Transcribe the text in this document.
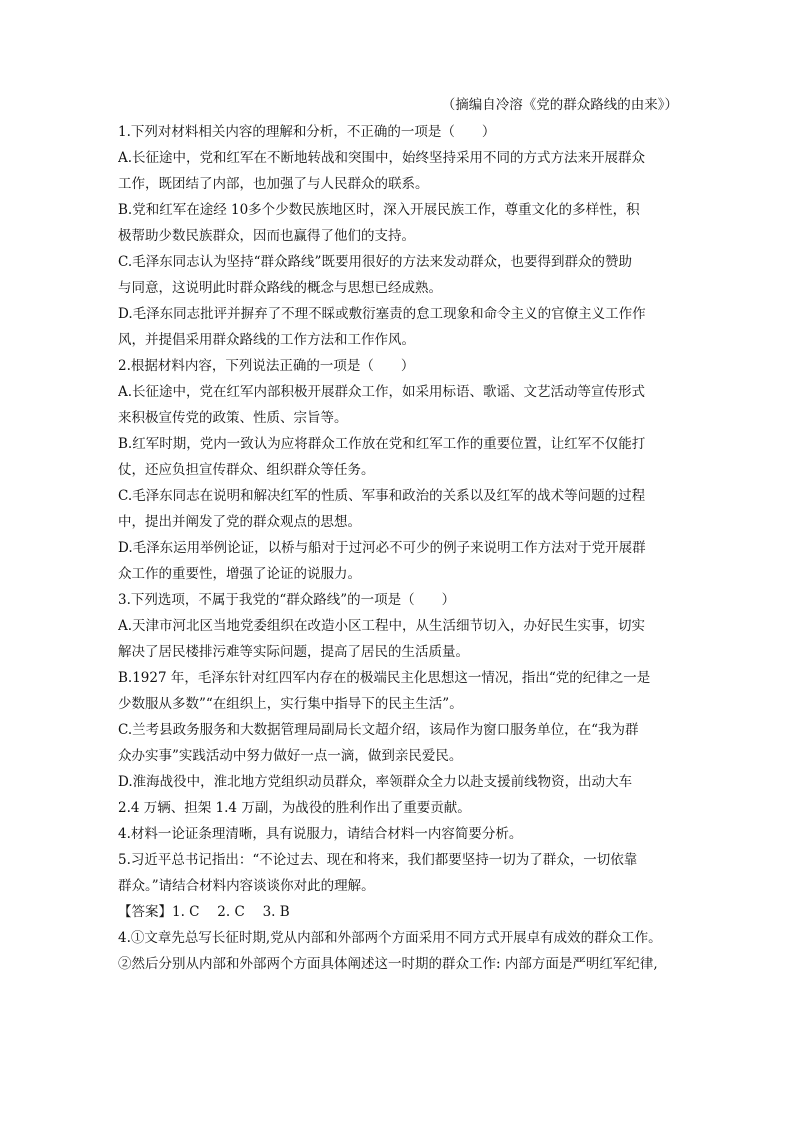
（摘编自冷溶《党的群众路线的由来》）
1.下列对材料相关内容的理解和分析，不正确的一项是（　　）
A.长征途中，党和红军在不断地转战和突围中，始终坚持采用不同的方式方法来开展群众
工作，既团结了内部，也加强了与人民群众的联系。
B.党和红军在途经 10多个少数民族地区时，深入开展民族工作，尊重文化的多样性，积
极帮助少数民族群众，因而也赢得了他们的支持。
C.毛泽东同志认为坚持“群众路线”既要用很好的方法来发动群众，也要得到群众的赞助
与同意，这说明此时群众路线的概念与思想已经成熟。
D.毛泽东同志批评并摒弃了不理不睬或敷衍塞责的怠工现象和命令主义的官僚主义工作作
风，并提倡采用群众路线的工作方法和工作作风。
2.根据材料内容，下列说法正确的一项是（　　）
A.长征途中，党在红军内部积极开展群众工作，如采用标语、歌谣、文艺活动等宣传形式
来积极宣传党的政策、性质、宗旨等。
B.红军时期，党内一致认为应将群众工作放在党和红军工作的重要位置，让红军不仅能打
仗，还应负担宣传群众、组织群众等任务。
C.毛泽东同志在说明和解决红军的性质、军事和政治的关系以及红军的战术等问题的过程
中，提出并阐发了党的群众观点的思想。
D.毛泽东运用举例论证，以桥与船对于过河必不可少的例子来说明工作方法对于党开展群
众工作的重要性，增强了论证的说服力。
3.下列选项，不属于我党的“群众路线”的一项是（　　）
A.天津市河北区当地党委组织在改造小区工程中，从生活细节切入，办好民生实事，切实
解决了居民楼排污难等实际问题，提高了居民的生活质量。
B.1927 年，毛泽东针对红四军内存在的极端民主化思想这一情况，指出“党的纪律之一是
少数服从多数”“在组织上，实行集中指导下的民主生活”。
C.兰考县政务服务和大数据管理局副局长文超介绍，该局作为窗口服务单位，在“我为群
众办实事”实践活动中努力做好一点一滴，做到亲民爱民。
D.淮海战役中，淮北地方党组织动员群众，率领群众全力以赴支援前线物资，出动大车
2.4 万辆、担架 1.4 万副，为战役的胜利作出了重要贡献。
4.材料一论证条理清晰，具有说服力，请结合材料一内容简要分析。
5.习近平总书记指出：“不论过去、现在和将来，我们都要坚持一切为了群众，一切依靠
群众。”请结合材料内容谈谈你对此的理解。
【答案】1. C　 2. C　 3. B
4.①文章先总写长征时期,党从内部和外部两个方面采用不同方式开展卓有成效的群众工作。
②然后分别从内部和外部两个方面具体阐述这一时期的群众工作: 内部方面是严明红军纪律,
